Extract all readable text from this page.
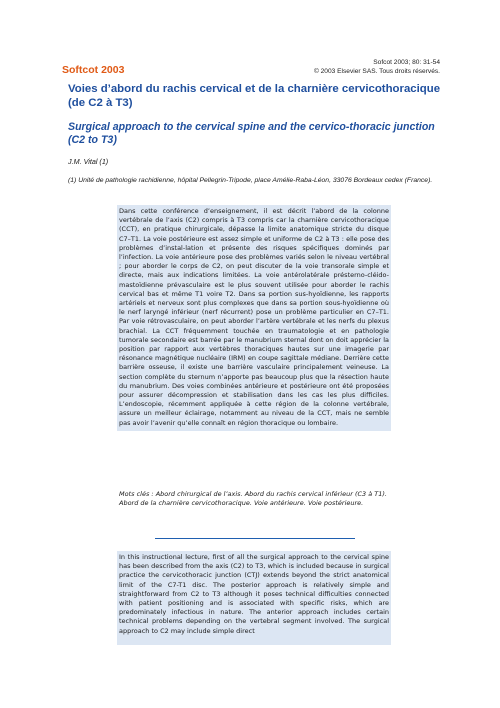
Softcot 2003
Sofcot 2003; 80: 31-54
© 2003 Elsevier SAS. Tous droits réservés.
Voies d’abord du rachis cervical et de la charnière cervicothoracique (de C2 à T3)
Surgical approach to the cervical spine and the cervico-thoracic junction (C2 to T3)
J.M. Vital (1)
(1) Unité de pathologie rachidienne, hôpital Pellegrin-Tripode, place Amélie-Raba-Léon, 33076 Bordeaux cedex (France).

Dans cette conférence d’enseignement, il est décrit l’abord de la colonne vertébrale de l’axis (C2) compris à T3 compris car la charnière cervicothoracique (CCT), en pratique chirurgicale, dépasse la limite anatomique stricte du disque C7–T1. La voie postérieure est assez simple et uniforme de C2 à T3 : elle pose des problèmes d’instal-lation et présente des risques spécifiques dominés par l’infection. La voie antérieure pose des problèmes variés selon le niveau vertébral ; pour aborder le corps de C2, on peut discuter de la voie transorale simple et directe, mais aux indications limitées. La voie antérolatérale présterno-cléido-mastoïdienne prévasculaire est le plus souvent utilisée pour aborder le rachis cervical bas et même T1 voire T2. Dans sa portion sus-hyoïdienne, les rapports artériels et nerveux sont plus complexes que dans sa portion sous-hyoïdienne où le nerf laryngé inférieur (nerf récurrent) pose un problème particulier en C7–T1. Par voie rétrovasculaire, on peut aborder l’artère vertébrale et les nerfs du plexus brachial. La CCT fréquemment touchée en traumatologie et en pathologie tumorale secondaire est barrée par le manubrium sternal dont on doit apprécier la position par rapport aux vertèbres thoraciques hautes sur une imagerie par résonance magnétique nucléaire (IRM) en coupe sagittale médiane. Derrière cette barrière osseuse, il existe une barrière vasculaire principalement veineuse. La section complète du sternum n’apporte pas beaucoup plus que la résection haute du manubrium. Des voies combinées antérieure et postérieure ont été proposées pour assurer décompression et stabilisation dans les cas les plus difficiles. L’endoscopie, récemment appliquée à cette région de la colonne vertébrale, assure un meilleur éclairage, notamment au niveau de la CCT, mais ne semble pas avoir l’avenir qu’elle connaît en région thoracique ou lombaire.

Mots clés : Abord chirurgical de l’axis. Abord du rachis cervical inférieur (C3 à T1). Abord de la charnière cervicothoracique. Voie antérieure. Voie postérieure.

In this instructional lecture, first of all the surgical approach to the cervical spine has been described from the axis (C2) to T3, which is included because in surgical practice the cervicothoracic junction (CTJ) extends beyond the strict anatomical limit of the C7-T1 disc. The posterior approach is relatively simple and straightforward from C2 to T3 although it poses technical difficulties connected with patient positioning and is associated with specific risks, which are predominately infectious in nature. The anterior approach includes certain technical problems depending on the vertebral segment involved. The surgical approach to C2 may include simple direct
